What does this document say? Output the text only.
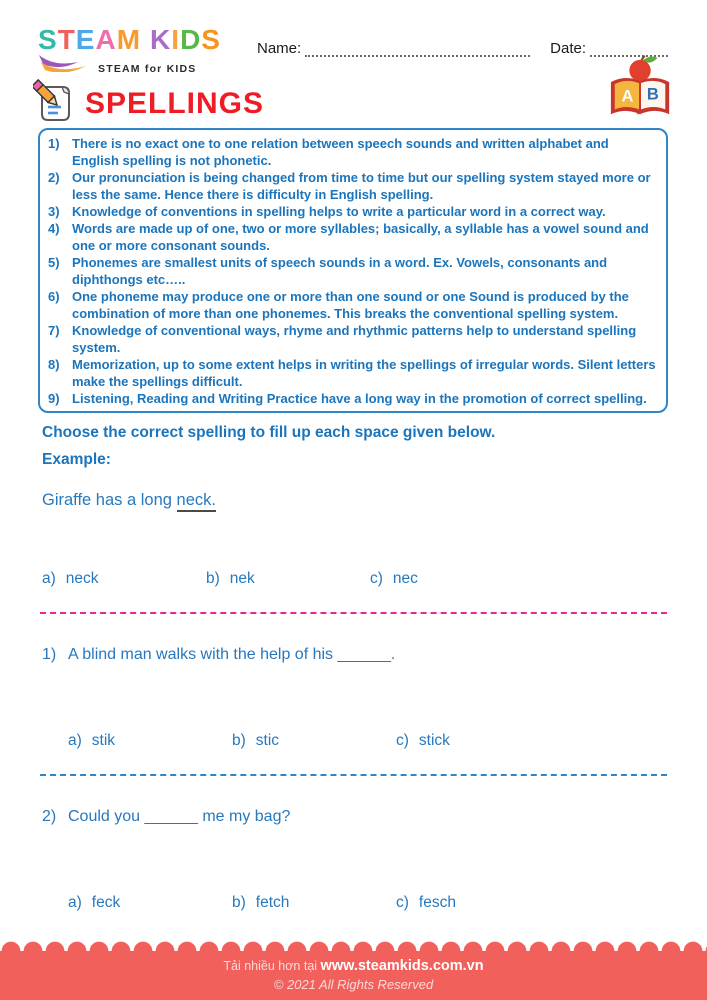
STEAM KIDS
STEAM for KIDS
Name:	Date:
SPELLINGS	A B
1) There is no exact one to one relation between speech sounds and written alphabet and English spelling is not phonetic.
2) Our pronunciation is being changed from time to time but our spelling system stayed more or less the same. Hence there is difficulty in English spelling.
3) Knowledge of conventions in spelling helps to write a particular word in a correct way.
4) Words are made up of one, two or more syllables; basically, a syllable has a vowel sound and one or more consonant sounds.
5) Phonemes are smallest units of speech sounds in a word. Ex. Vowels, consonants and diphthongs etc…..
6) One phoneme may produce one or more than one sound or one Sound is produced by the combination of more than one phonemes. This breaks the conventional spelling system.
7) Knowledge of conventional ways, rhyme and rhythmic patterns help to understand spelling system.
8) Memorization, up to some extent helps in writing the spellings of irregular words. Silent letters make the spellings difficult.
9) Listening, Reading and Writing Practice have a long way in the promotion of correct spelling.
Choose the correct spelling to fill up each space given below.
Example:
Giraffe has a long neck.
a) neck	b) nek	c) nec
1) A blind man walks with the help of his ______.
a) stik	b) stic	c) stick
2) Could you ______ me my bag?
a) feck	b) fetch	c) fesch
Tải nhiều hơn tại www.steamkids.com.vn
© 2021 All Rights Reserved
